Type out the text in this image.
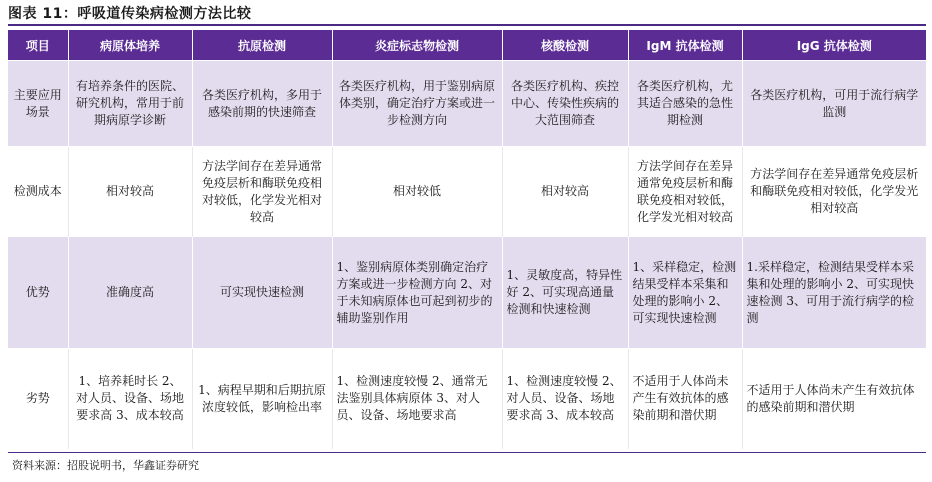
图表 11：呼吸道传染病检测方法比较
项目	病原体培养	抗原检测	炎症标志物检测	核酸检测	IgM 抗体检测	IgG 抗体检测
主要应用场景	有培养条件的医院、研究机构，常用于前期病原学诊断	各类医疗机构，多用于感染前期的快速筛查	各类医疗机构，用于鉴别病原体类别，确定治疗方案或进一步检测方向	各类医疗机构、疾控中心、传染性疾病的大范围筛查	各类医疗机构，尤其适合感染的急性期检测	各类医疗机构，可用于流行病学监测
检测成本	相对较高	方法学间存在差异通常免疫层析和酶联免疫相对较低，化学发光相对较高	相对较低	相对较高	方法学间存在差异通常免疫层析和酶联免疫相对较低，化学发光相对较高	方法学间存在差异通常免疫层析和酶联免疫相对较低，化学发光相对较高
优势	准确度高	可实现快速检测	1、鉴别病原体类别确定治疗方案或进一步检测方向 2、对于未知病原体也可起到初步的辅助鉴别作用	1、灵敏度高，特异性好 2、可实现高通量检测和快速检测	1、采样稳定，检测结果受样本采集和处理的影响小 2、可实现快速检测	1.采样稳定，检测结果受样本采集和处理的影响小 2、可实现快速检测 3、可用于流行病学的检测
劣势	1、培养耗时长 2、对人员、设备、场地要求高 3、成本较高	1、病程早期和后期抗原浓度较低，影响检出率	1、检测速度较慢 2、通常无法鉴别具体病原体 3、对人员、设备、场地要求高	1、检测速度较慢 2、对人员、设备、场地要求高 3、成本较高	不适用于人体尚未产生有效抗体的感染前期和潜伏期	不适用于人体尚未产生有效抗体的感染前期和潜伏期
资料来源：招股说明书，华鑫证券研究
